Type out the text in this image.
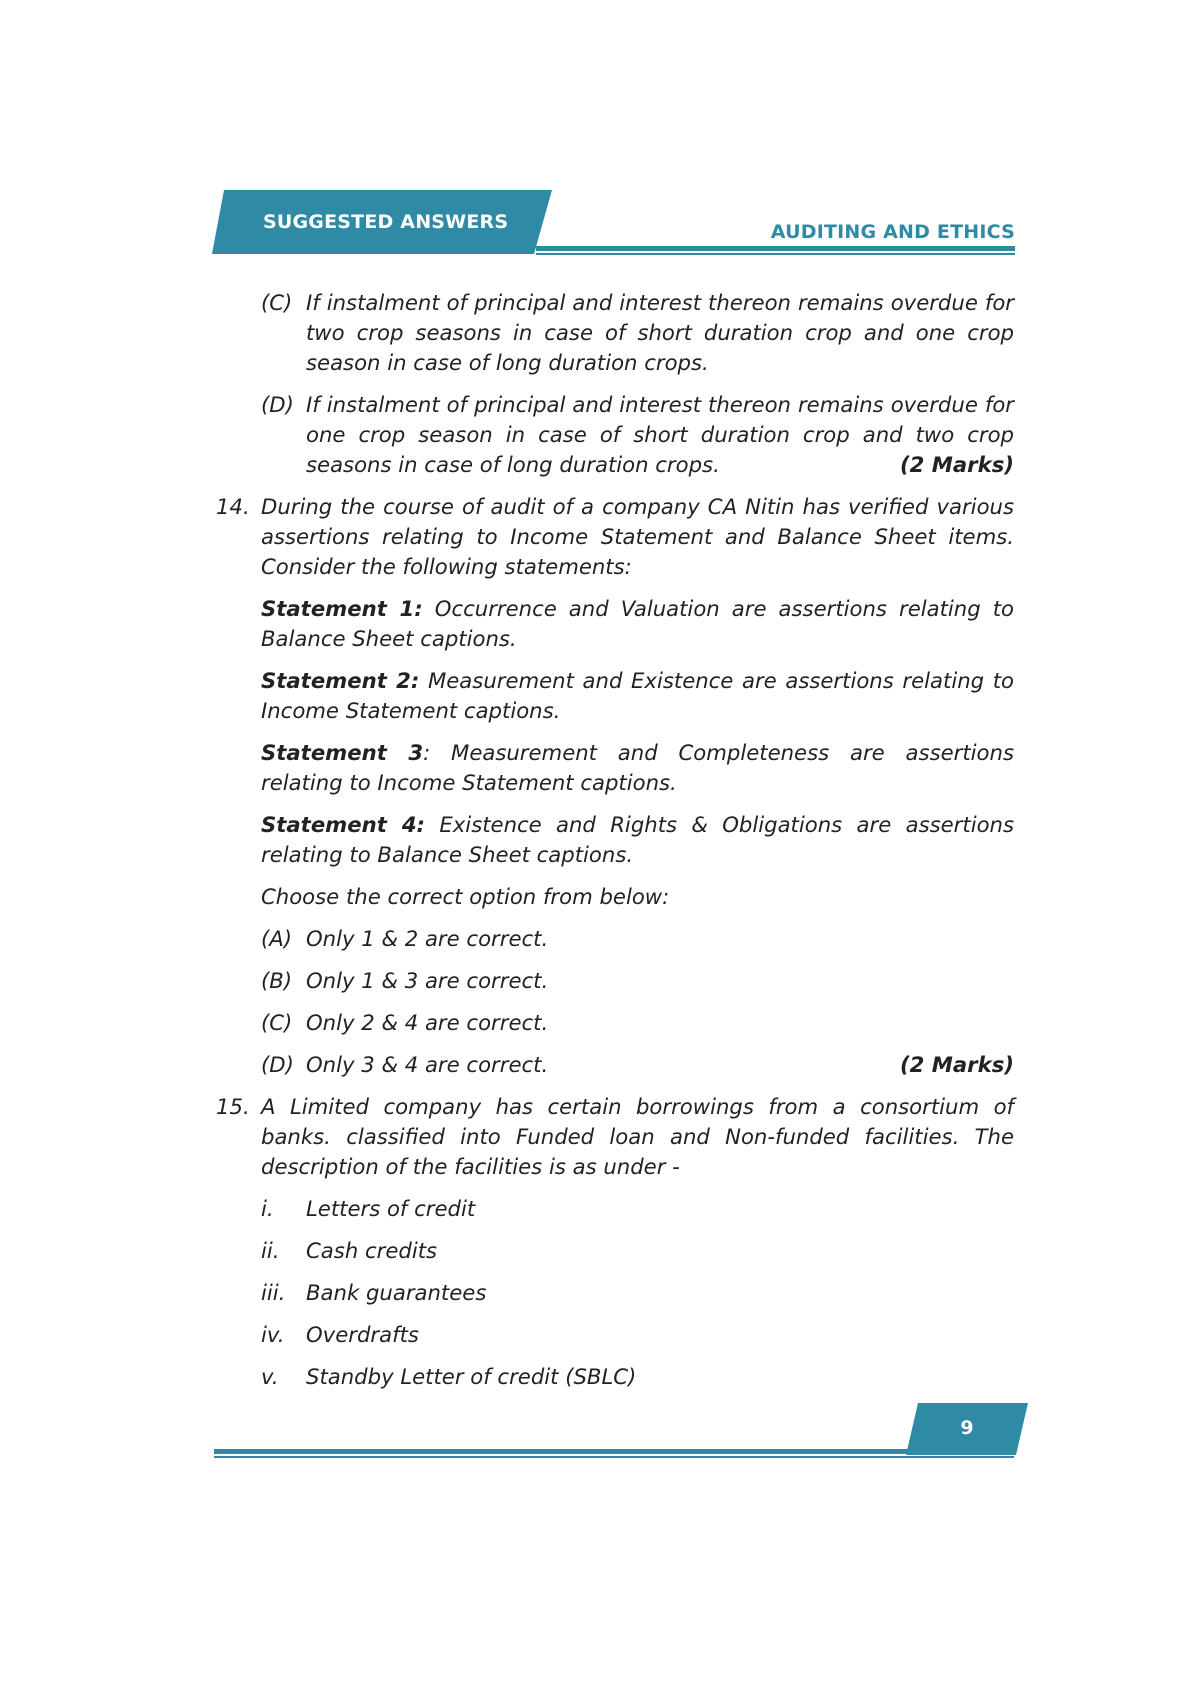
SUGGESTED ANSWERS	AUDITING AND ETHICS
(C) If instalment of principal and interest thereon remains overdue for two crop seasons in case of short duration crop and one crop season in case of long duration crops.
(D) If instalment of principal and interest thereon remains overdue for one crop season in case of short duration crop and two crop seasons in case of long duration crops.	(2 Marks)
14. During the course of audit of a company CA Nitin has verified various assertions relating to Income Statement and Balance Sheet items. Consider the following statements:
Statement 1: Occurrence and Valuation are assertions relating to Balance Sheet captions.
Statement 2: Measurement and Existence are assertions relating to Income Statement captions.
Statement 3: Measurement and Completeness are assertions relating to Income Statement captions.
Statement 4: Existence and Rights & Obligations are assertions relating to Balance Sheet captions.
Choose the correct option from below:
(A) Only 1 & 2 are correct.
(B) Only 1 & 3 are correct.
(C) Only 2 & 4 are correct.
(D) Only 3 & 4 are correct.	(2 Marks)
15. A Limited company has certain borrowings from a consortium of banks. classified into Funded loan and Non-funded facilities. The description of the facilities is as under -
i. Letters of credit
ii. Cash credits
iii. Bank guarantees
iv. Overdrafts
v. Standby Letter of credit (SBLC)
9
